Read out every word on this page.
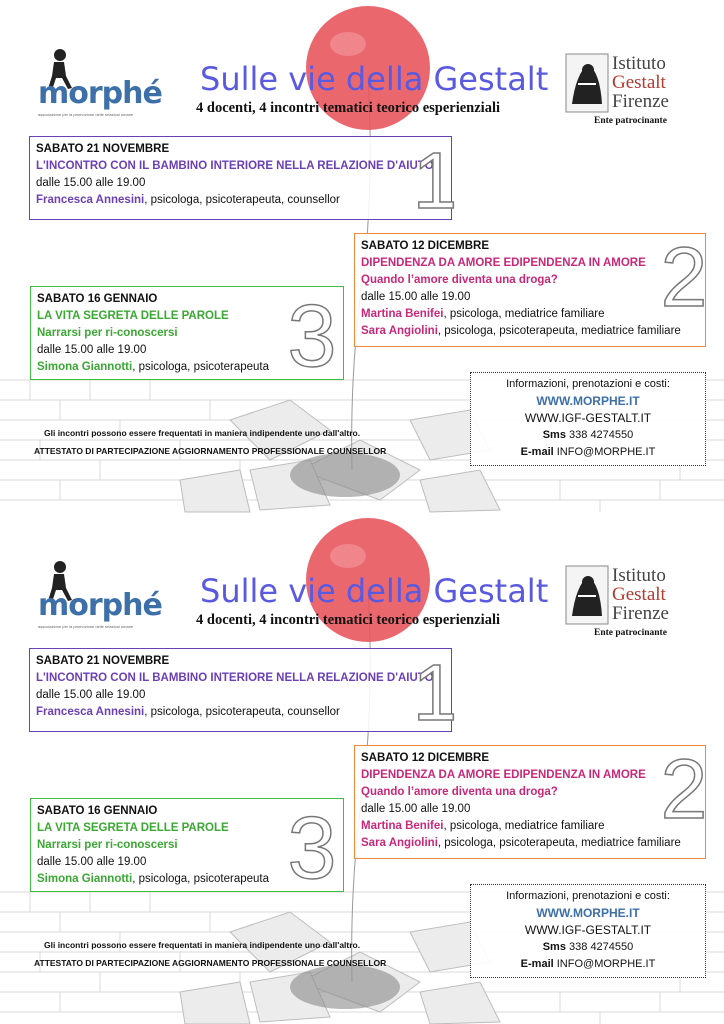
morphé
associazione per la promozione delle relazioni umane
Sulle vie della Gestalt
4 docenti, 4 incontri tematici teorico esperienziali
Istituto
Gestalt
Firenze
Ente patrocinante
SABATO 21 NOVEMBRE
L'INCONTRO CON IL BAMBINO INTERIORE NELLA RELAZIONE D'AIUTO
dalle 15.00 alle 19.00
Francesca Annesini, psicologa, psicoterapeuta, counsellor 1
SABATO 12 DICEMBRE
DIPENDENZA DA AMORE EDIPENDENZA IN AMORE
Quando l’amore diventa una droga?
dalle 15.00 alle 19.00
Martina Benifei, psicologa, mediatrice familiare
Sara Angiolini, psicologa, psicoterapeuta, mediatrice familiare
2
SABATO 16 GENNAIO
LA VITA SEGRETA DELLE PAROLE
Narrarsi per ri-conoscersi
dalle 15.00 alle 19.00
Simona Giannotti, psicologa, psicoterapeuta 3	Informazioni, prenotazioni e costi:
WWW.MORPHE.IT
WWW.IGF-GESTALT.IT
Sms 338 4274550
E-mail INFO@MORPHE.IT
Gli incontri possono essere frequentati in maniera indipendente uno dall'altro.
ATTESTATO DI PARTECIPAZIONE AGGIORNAMENTO PROFESSIONALE COUNSELLOR
morphé
associazione per la promozione delle relazioni umane
Sulle vie della Gestalt
4 docenti, 4 incontri tematici teorico esperienziali
Istituto
Gestalt
Firenze
Ente patrocinante
SABATO 21 NOVEMBRE
L'INCONTRO CON IL BAMBINO INTERIORE NELLA RELAZIONE D'AIUTO
dalle 15.00 alle 19.00
Francesca Annesini, psicologa, psicoterapeuta, counsellor 1
SABATO 12 DICEMBRE
DIPENDENZA DA AMORE EDIPENDENZA IN AMORE
Quando l’amore diventa una droga?
dalle 15.00 alle 19.00
Martina Benifei, psicologa, mediatrice familiare
Sara Angiolini, psicologa, psicoterapeuta, mediatrice familiare
2
SABATO 16 GENNAIO
LA VITA SEGRETA DELLE PAROLE
Narrarsi per ri-conoscersi
dalle 15.00 alle 19.00
Simona Giannotti, psicologa, psicoterapeuta 3	Informazioni, prenotazioni e costi:
WWW.MORPHE.IT
WWW.IGF-GESTALT.IT
Sms 338 4274550
E-mail INFO@MORPHE.IT
Gli incontri possono essere frequentati in maniera indipendente uno dall'altro.
ATTESTATO DI PARTECIPAZIONE AGGIORNAMENTO PROFESSIONALE COUNSELLOR
